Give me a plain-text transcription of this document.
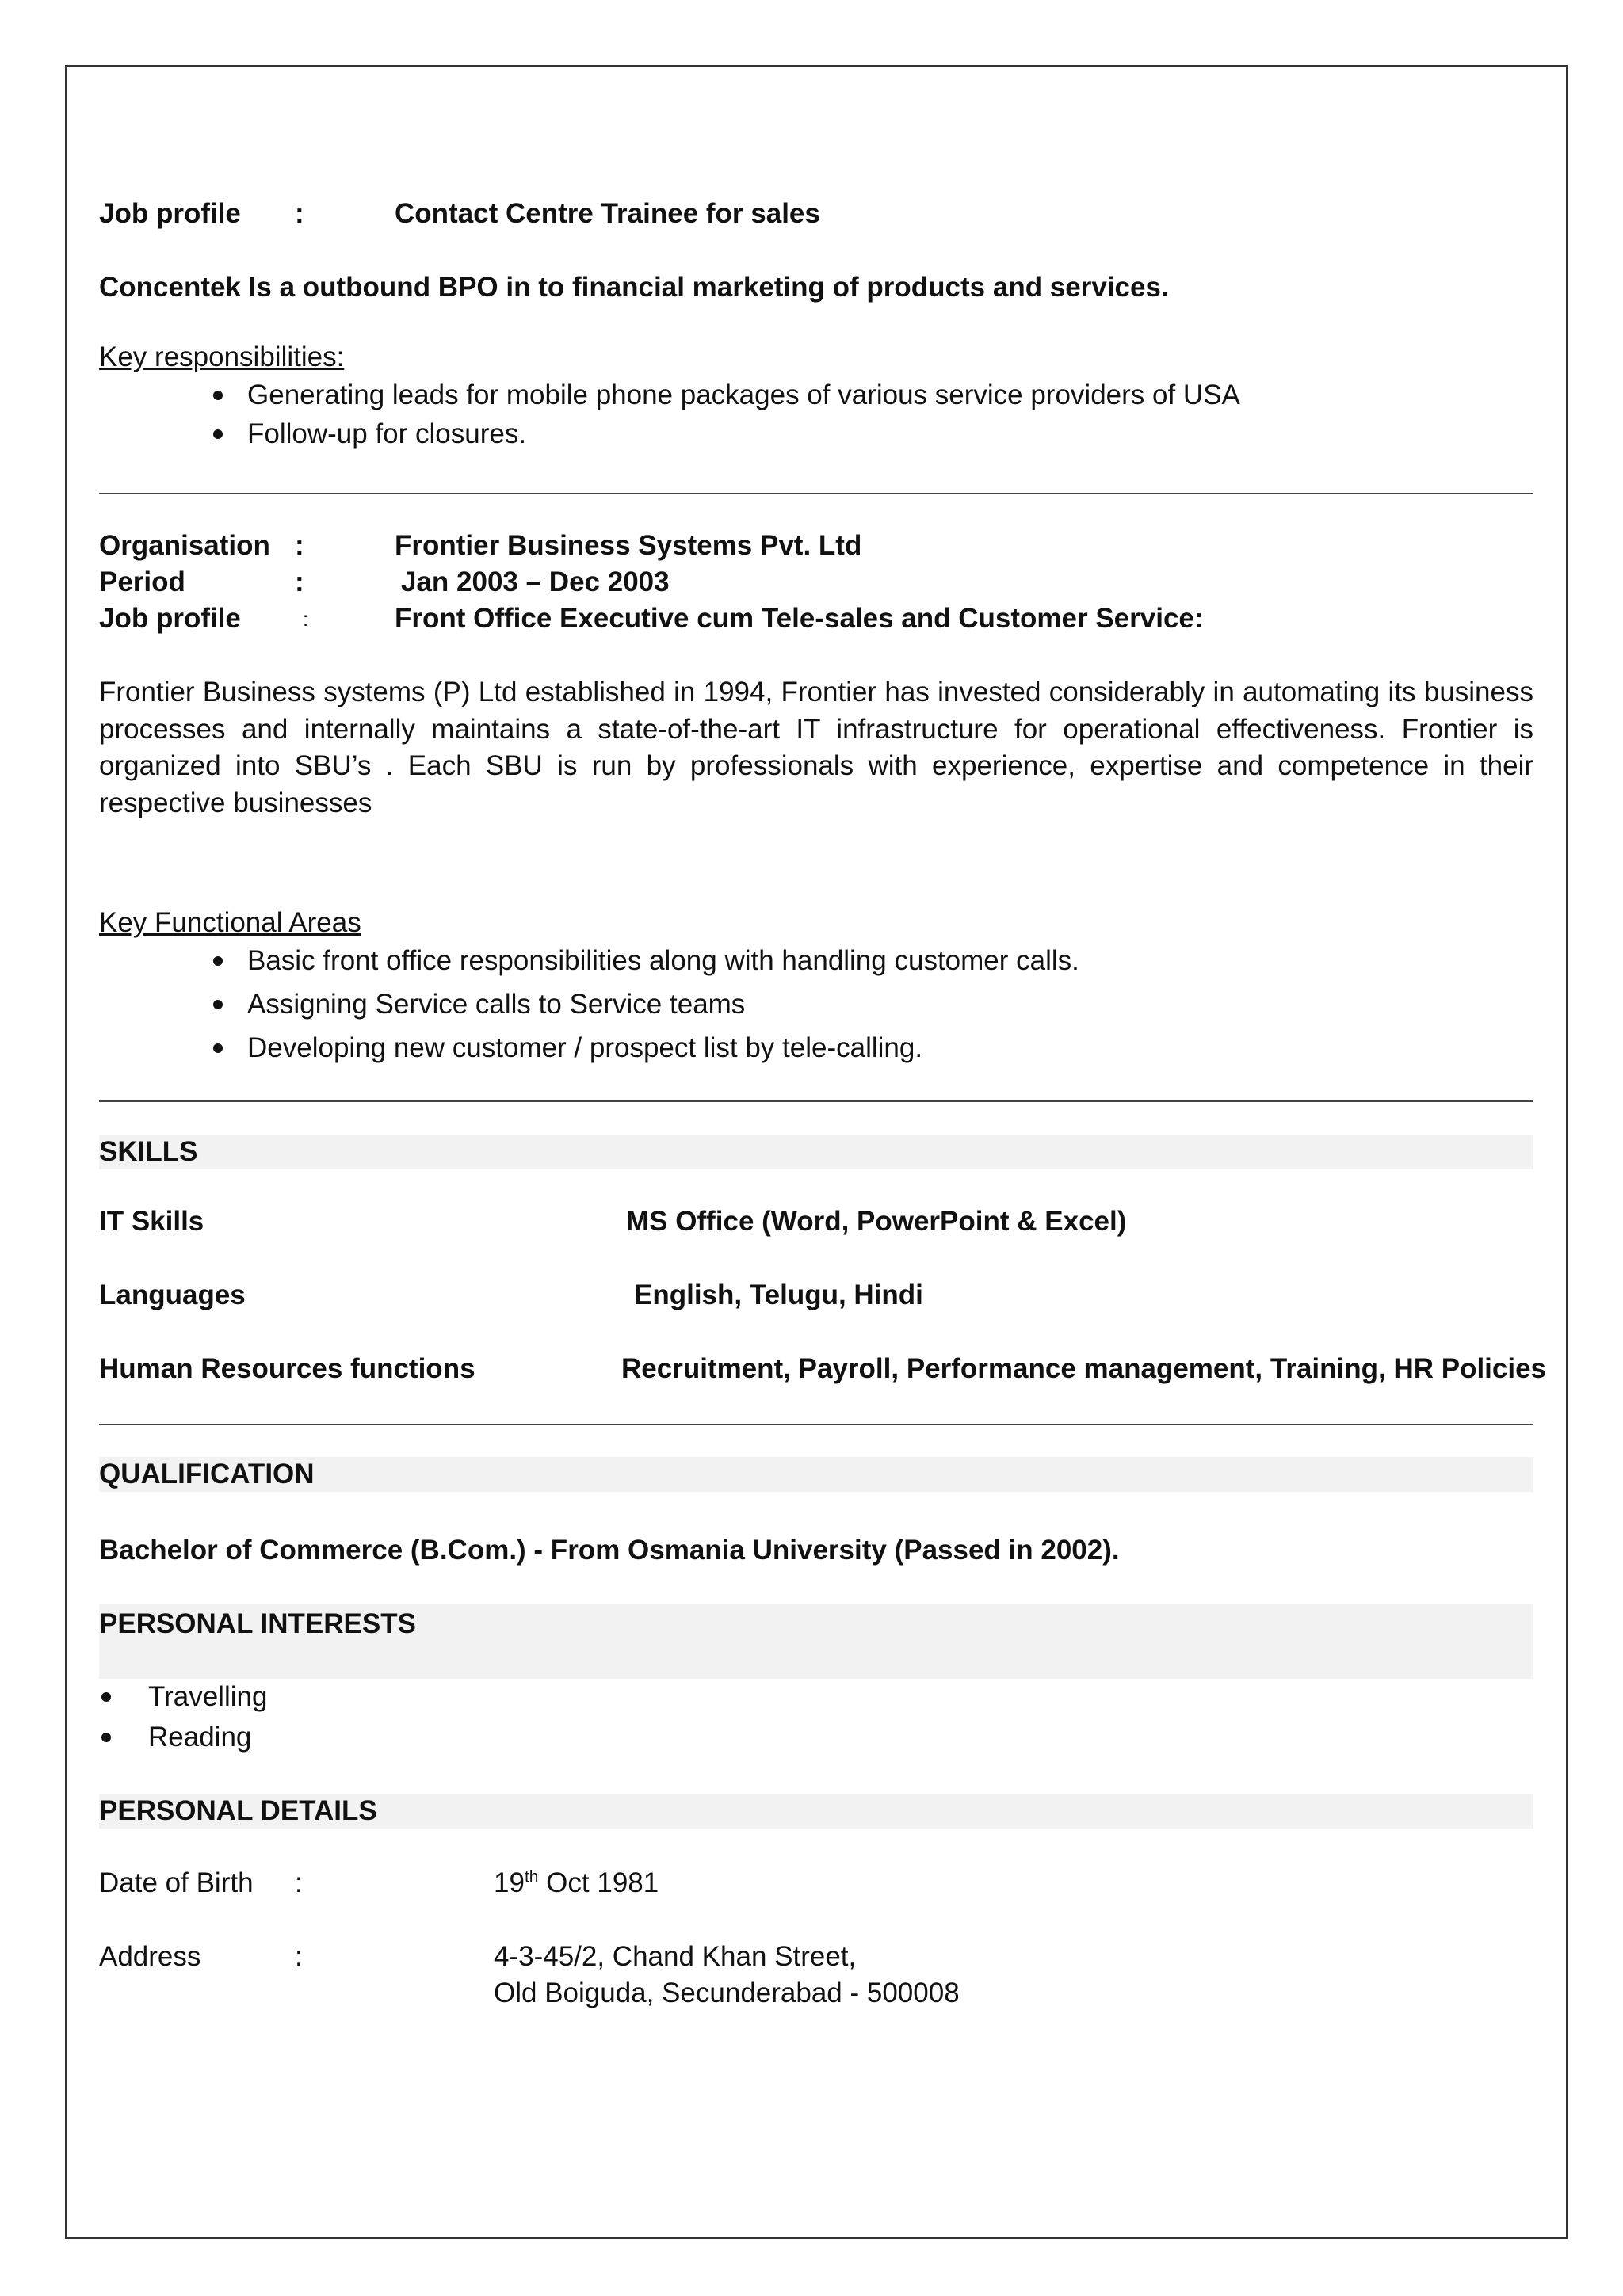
Job profile :	Contact Centre Trainee for sales
Concentek Is a outbound BPO in to financial marketing of products and services.
Key responsibilities:
Generating leads for mobile phone packages of various service providers of USA
Follow-up for closures.
Organisation :	Frontier Business Systems Pvt. Ltd
Period	:	Jan 2003 – Dec 2003
Job profile	:	Front Office Executive cum Tele-sales and Customer Service:
Frontier Business systems (P) Ltd established in 1994, Frontier has invested considerably in automating its business processes and internally maintains a state-of-the-art IT infrastructure for operational effectiveness. Frontier is organized into SBU’s . Each SBU is run by professionals with experience, expertise and competence in their respective businesses
Key Functional Areas
Basic front office responsibilities along with handling customer calls.
Assigning Service calls to Service teams
Developing new customer / prospect list by tele-calling.
SKILLS
IT Skills	MS Office (Word, PowerPoint & Excel)
Languages	English, Telugu, Hindi
Human Resources functions	Recruitment, Payroll, Performance management, Training, HR Policies
QUALIFICATION
Bachelor of Commerce (B.Com.) - From Osmania University (Passed in 2002).
PERSONAL INTERESTS
Travelling
Reading
PERSONAL DETAILS
Date of Birth :	19th Oct 1981
Address	:	4-3-45/2, Chand Khan Street,
Old Boiguda, Secunderabad - 500008
